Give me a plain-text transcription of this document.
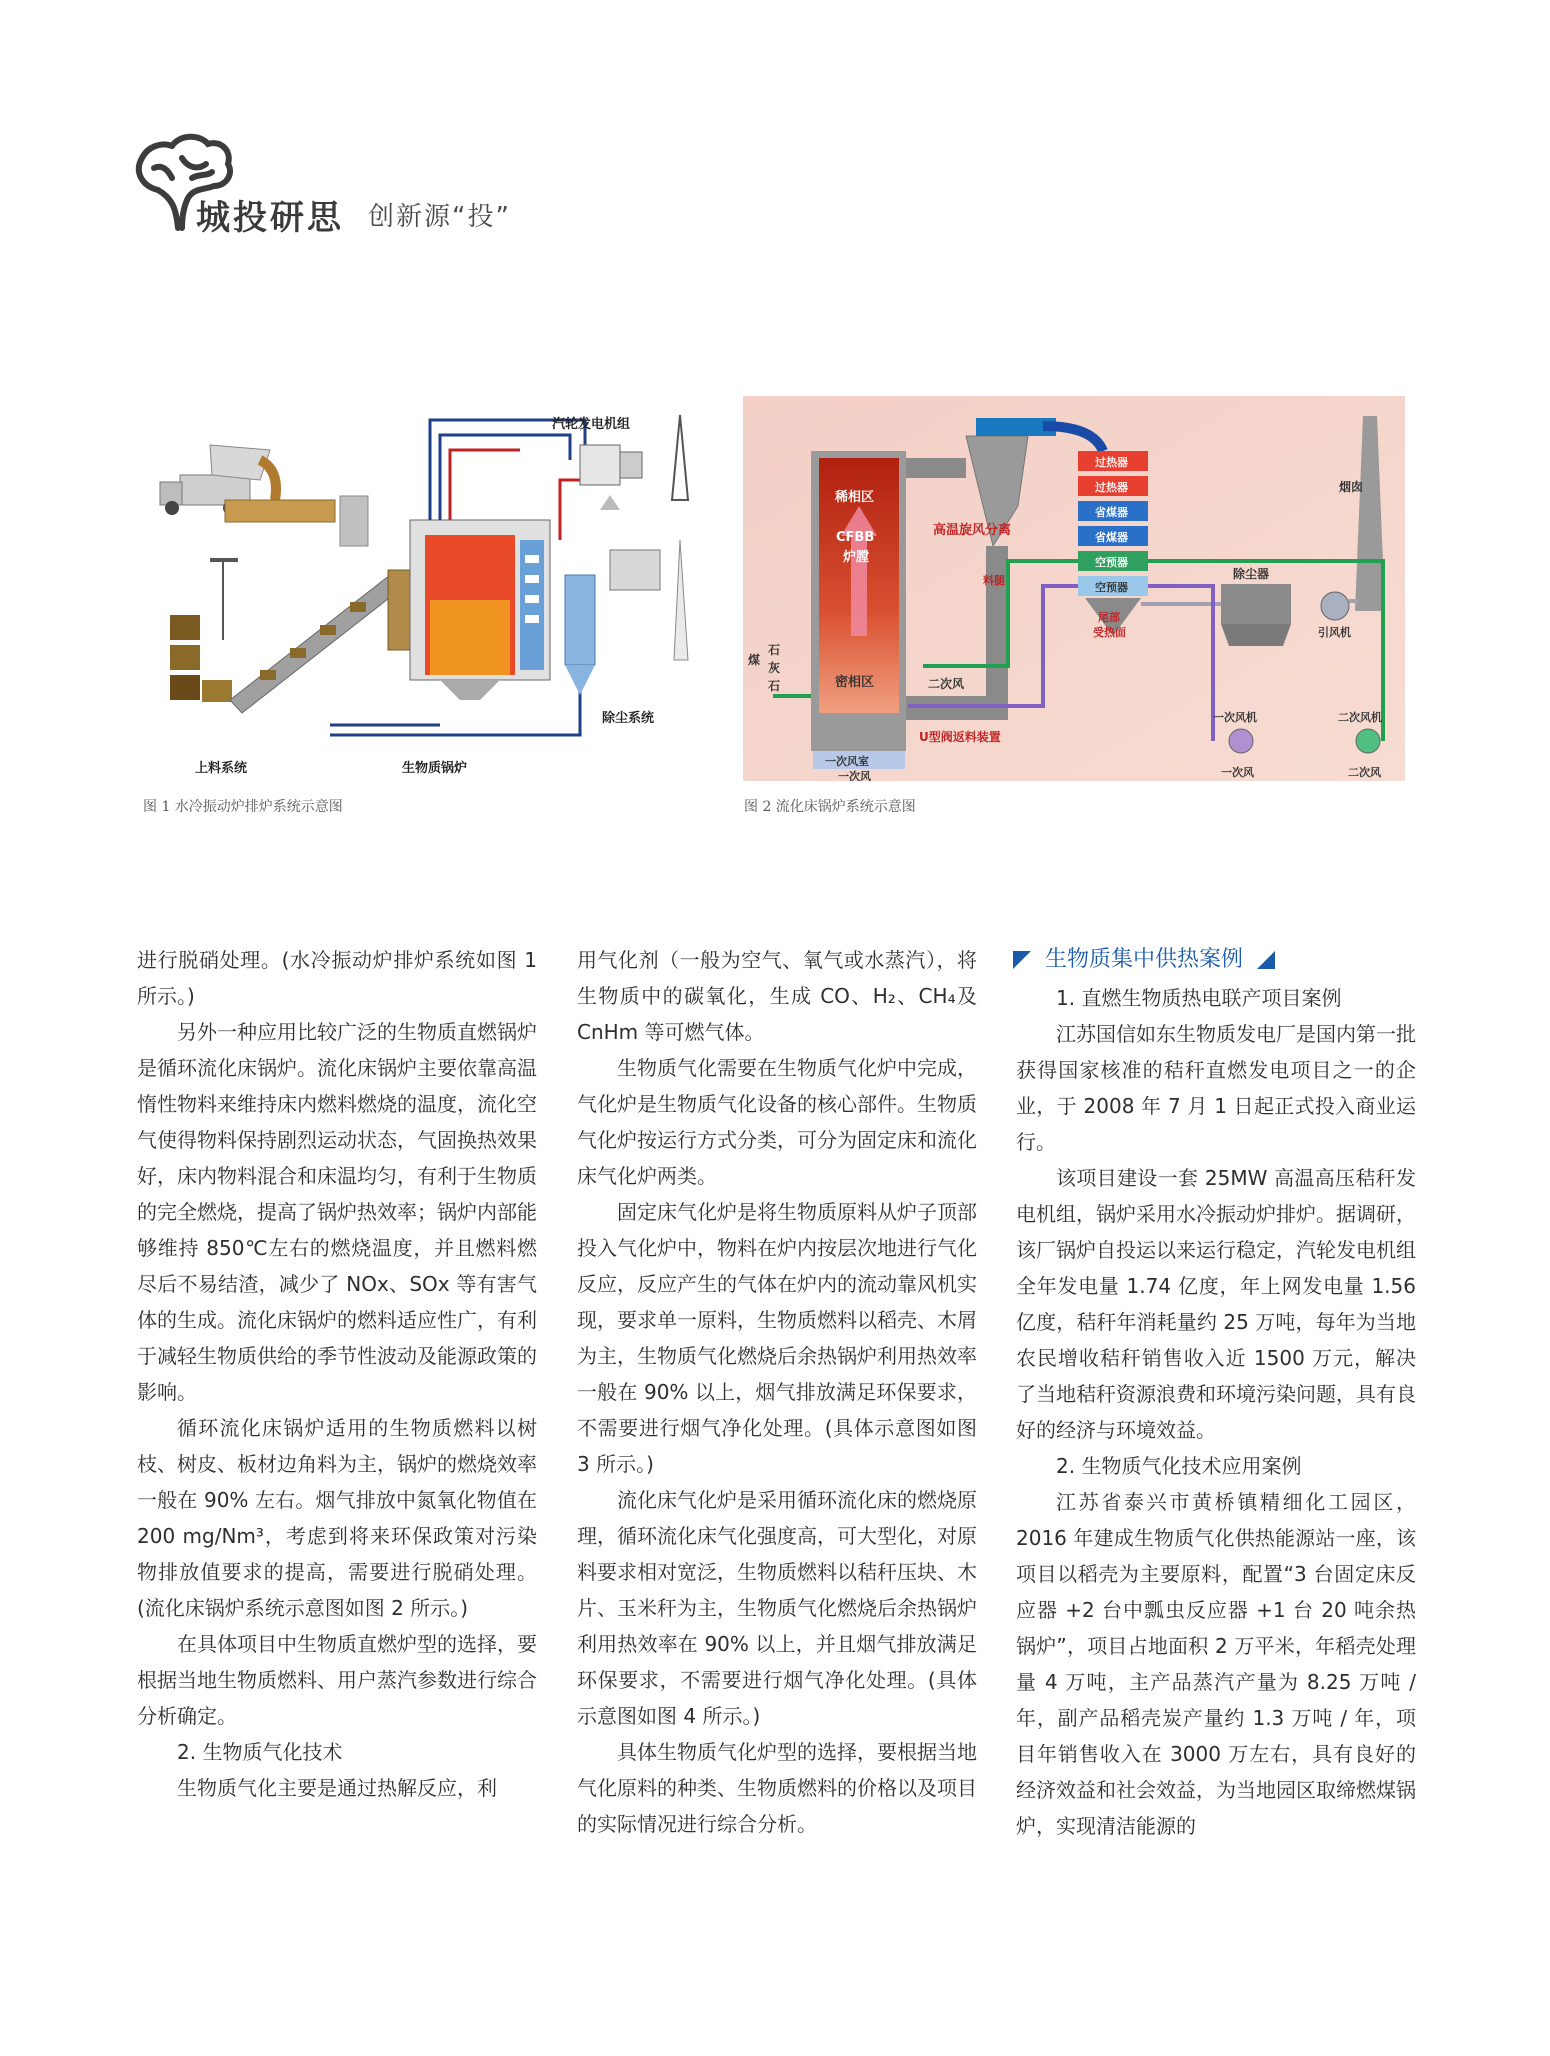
城投研思 创新源“投”
汽轮发电机组
上料系统	生物质锅炉
除尘系统
图 1 水冷振动炉排炉系统示意图
烟囱
过热器
过热器
省煤器
省煤器
空预器
空预器
稀相区
CFBB
炉膛
密相区
高温旋风分离
料腿
煤
石
灰
石	二次风
一次风室
一次风
U型阀返料装置
尾部
受热面
除尘器
引风机
一次风机	二次风机
一次风	二次风
图 2 流化床锅炉系统示意图

进行脱硝处理。(水冷振动炉排炉系统如图 1 所示。)

另外一种应用比较广泛的生物质直燃锅炉是循环流化床锅炉。流化床锅炉主要依靠高温惰性物料来维持床内燃料燃烧的温度，流化空气使得物料保持剧烈运动状态，气固换热效果好，床内物料混合和床温均匀，有利于生物质的完全燃烧，提高了锅炉热效率；锅炉内部能够维持 850℃左右的燃烧温度，并且燃料燃尽后不易结渣，减少了 NOx、SOx 等有害气体的生成。流化床锅炉的燃料适应性广，有利于减轻生物质供给的季节性波动及能源政策的影响。

循环流化床锅炉适用的生物质燃料以树枝、树皮、板材边角料为主，锅炉的燃烧效率一般在 90% 左右。烟气排放中氮氧化物值在 200 mg/Nm³，考虑到将来环保政策对污染物排放值要求的提高，需要进行脱硝处理。(流化床锅炉系统示意图如图 2 所示。)

在具体项目中生物质直燃炉型的选择，要根据当地生物质燃料、用户蒸汽参数进行综合分析确定。

2. 生物质气化技术

生物质气化主要是通过热解反应，利

用气化剂（一般为空气、氧气或水蒸汽），将生物质中的碳氧化，生成 CO、H₂、CH₄及 CnHm 等可燃气体。

生物质气化需要在生物质气化炉中完成，气化炉是生物质气化设备的核心部件。生物质气化炉按运行方式分类，可分为固定床和流化床气化炉两类。

固定床气化炉是将生物质原料从炉子顶部投入气化炉中，物料在炉内按层次地进行气化反应，反应产生的气体在炉内的流动靠风机实现，要求单一原料，生物质燃料以稻壳、木屑为主，生物质气化燃烧后余热锅炉利用热效率一般在 90% 以上，烟气排放满足环保要求，不需要进行烟气净化处理。(具体示意图如图 3 所示。)

流化床气化炉是采用循环流化床的燃烧原理，循环流化床气化强度高，可大型化，对原料要求相对宽泛，生物质燃料以秸秆压块、木片、玉米秆为主，生物质气化燃烧后余热锅炉利用热效率在 90% 以上，并且烟气排放满足环保要求，不需要进行烟气净化处理。(具体示意图如图 4 所示。)

具体生物质气化炉型的选择，要根据当地气化原料的种类、生物质燃料的价格以及项目的实际情况进行综合分析。

生物质集中供热案例

1. 直燃生物质热电联产项目案例

江苏国信如东生物质发电厂是国内第一批获得国家核准的秸秆直燃发电项目之一的企业，于 2008 年 7 月 1 日起正式投入商业运行。

该项目建设一套 25MW 高温高压秸秆发电机组，锅炉采用水冷振动炉排炉。据调研，该厂锅炉自投运以来运行稳定，汽轮发电机组全年发电量 1.74 亿度，年上网发电量 1.56 亿度，秸秆年消耗量约 25 万吨，每年为当地农民增收秸秆销售收入近 1500 万元，解决了当地秸秆资源浪费和环境污染问题，具有良好的经济与环境效益。

2. 生物质气化技术应用案例

江苏省泰兴市黄桥镇精细化工园区，2016 年建成生物质气化供热能源站一座，该项目以稻壳为主要原料，配置“3 台固定床反应器 +2 台中瓢虫反应器 +1 台 20 吨余热锅炉”，项目占地面积 2 万平米，年稻壳处理量 4 万吨，主产品蒸汽产量为 8.25 万吨 / 年，副产品稻壳炭产量约 1.3 万吨 / 年，项目年销售收入在 3000 万左右，具有良好的经济效益和社会效益，为当地园区取缔燃煤锅炉，实现清洁能源的
